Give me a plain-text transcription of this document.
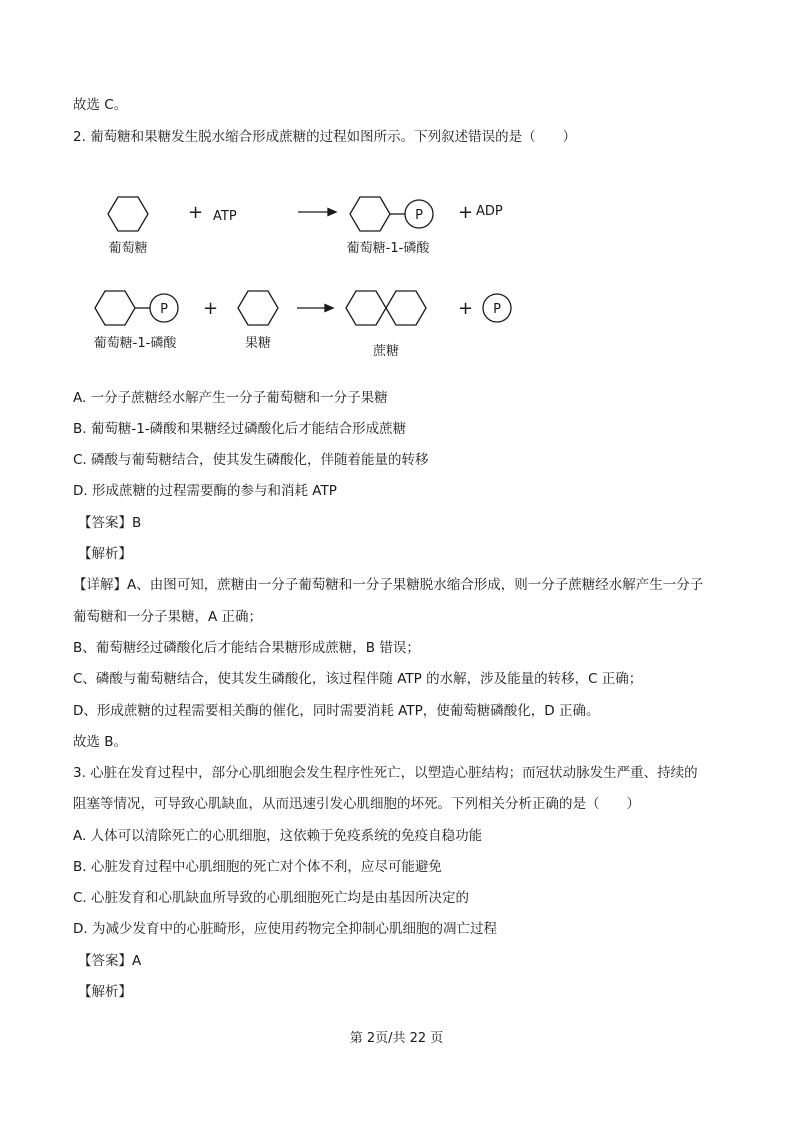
故选 C。
2. 葡萄糖和果糖发生脱水缩合形成蔗糖的过程如图所示。下列叙述错误的是（　　）
+ ATP	P + ADP
葡萄糖	葡萄糖-1-磷酸
P +	P
+
葡萄糖-1-磷酸	果糖
蔗糖
A. 一分子蔗糖经水解产生一分子葡萄糖和一分子果糖
B. 葡萄糖-1-磷酸和果糖经过磷酸化后才能结合形成蔗糖
C. 磷酸与葡萄糖结合，使其发生磷酸化，伴随着能量的转移
D. 形成蔗糖的过程需要酶的参与和消耗 ATP
【答案】B
【解析】
【详解】A、由图可知，蔗糖由一分子葡萄糖和一分子果糖脱水缩合形成，则一分子蔗糖经水解产生一分子
葡萄糖和一分子果糖，A 正确；
B、葡萄糖经过磷酸化后才能结合果糖形成蔗糖，B 错误；
C、磷酸与葡萄糖结合，使其发生磷酸化，该过程伴随 ATP 的水解，涉及能量的转移，C 正确；
D、形成蔗糖的过程需要相关酶的催化，同时需要消耗 ATP，使葡萄糖磷酸化，D 正确。
故选 B。
3. 心脏在发育过程中，部分心肌细胞会发生程序性死亡，以塑造心脏结构；而冠状动脉发生严重、持续的
阻塞等情况，可导致心肌缺血，从而迅速引发心肌细胞的坏死。下列相关分析正确的是（　　）
A. 人体可以清除死亡的心肌细胞，这依赖于免疫系统的免疫自稳功能
B. 心脏发育过程中心肌细胞的死亡对个体不利，应尽可能避免
C. 心脏发育和心肌缺血所导致的心肌细胞死亡均是由基因所决定的
D. 为减少发育中的心脏畸形，应使用药物完全抑制心肌细胞的凋亡过程
【答案】A
【解析】
第 2页/共 22 页
